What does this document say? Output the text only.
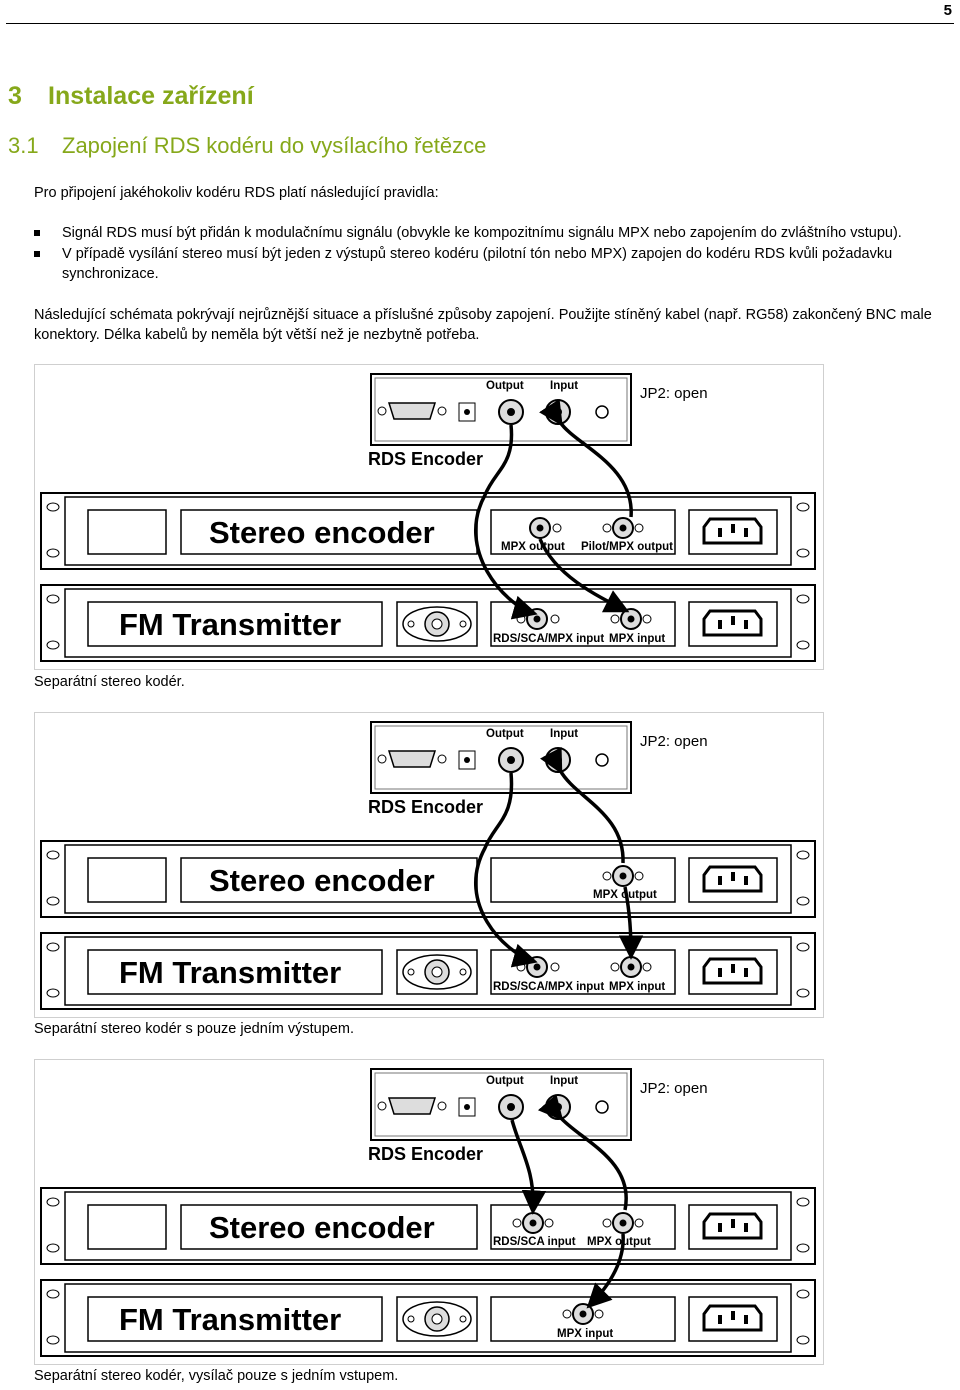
5
3 Instalace zařízení
3.1 Zapojení RDS kodéru do vysílacího řetězce
Pro připojení jakéhokoliv kodéru RDS platí následující pravidla:
Signál RDS musí být přidán k modulačnímu signálu (obvykle ke kompozitnímu signálu MPX nebo zapojením do zvláštního vstupu).
V případě vysílání stereo musí být jeden z výstupů stereo kodéru (pilotní tón nebo MPX) zapojen do kodéru RDS kvůli požadavku synchronizace.
Následující schémata pokrývají nejrůznější situace a příslušné způsoby zapojení. Použijte stíněný kabel (např. RG58) zakončený BNC male konektory. Délka kabelů by neměla být větší než je nezbytně potřeba.
Output Input	JP2: open
RDS Encoder
Stereo encoder	MPX output Pilot/MPX output
FM Transmitter	RDS/SCA/MPX input MPX input
Separátní stereo kodér.
Output Input	JP2: open
RDS Encoder
Stereo encoder	MPX output
FM Transmitter	RDS/SCA/MPX input MPX input
Separátní stereo kodér s pouze jedním výstupem.
Output Input	JP2: open
RDS Encoder
Stereo encoder	RDS/SCA input MPX output
FM Transmitter	MPX input
Separátní stereo kodér, vysílač pouze s jedním vstupem.
